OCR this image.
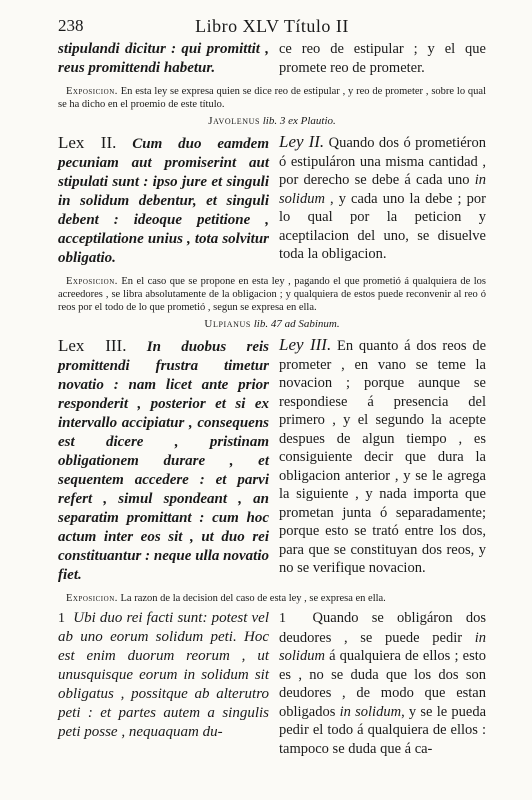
238	Libro XLV Título II

stipulandi dicitur : qui promittit , reus promittendi habetur.

ce reo de estipular ; y el que promete reo de prometer.

Exposicion. En esta ley se expresa quien se dice reo de estipular , y reo de prometer , sobre lo qual se ha dicho en el proemio de este título.
Javolenus lib. 3 ex Plautio.

Lex II. Cum duo eamdem pecuniam aut promiserint aut stipulati sunt : ipso jure et singuli in solidum debentur, et singuli debent : ideoque petitione , acceptilatione unius , tota solvitur obligatio.

Ley II. Quando dos ó prometiéron ó estipuláron una misma cantidad , por derecho se debe á cada uno in solidum , y cada uno la debe ; por lo qual por la peticion y aceptilacion del uno, se disuelve toda la obligacion.

Exposicion. En el caso que se propone en esta ley , pagando el que prometió á qualquiera de los acreedores , se libra absolutamente de la obligacion ; y qualquiera de estos puede reconvenir al reo ó reos por el todo de lo que prometió , segun se expresa en ella.
Ulpianus lib. 47 ad Sabinum.

Lex III. In duobus reis promittendi frustra timetur novatio : nam licet ante prior responderit , posterior et si ex intervallo accipiatur , consequens est dicere , pristinam obligationem durare , et sequentem accedere : et parvi refert , simul spondeant , an separatim promittant : cum hoc actum inter eos sit , ut duo rei constituantur : neque ulla novatio fiet.

Ley III. En quanto á dos reos de prometer , en vano se teme la novacion ; porque aunque se respondiese á presencia del primero , y el segundo la acepte despues de algun tiempo , es consiguiente decir que dura la obligacion anterior , y se le agrega la siguiente , y nada importa que prometan junta ó separadamente; porque esto se trató entre los dos, para que se constituyan dos reos, y no se verifique novacion.

Exposicion. La razon de la decision del caso de esta ley , se expresa en ella.

1 Ubi duo rei facti sunt: potest vel ab uno eorum solidum peti. Hoc est enim duorum reorum , ut unusquisque eorum in solidum sit obligatus , possitque ab alterutro peti : et partes autem a singulis peti posse , nequaquam du-

1 Quando se obligáron dos deudores , se puede pedir in solidum á qualquiera de ellos ; esto es , no se duda que los dos son deudores , de modo que estan obligados in solidum, y se le pueda pedir el todo á qualquiera de ellos : tampoco se duda que á ca-
